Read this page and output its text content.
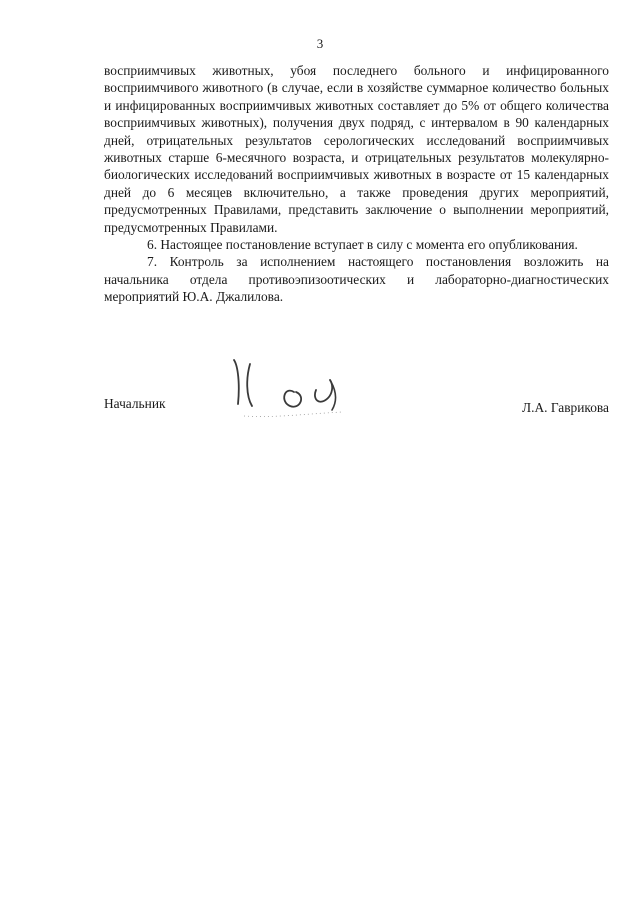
3

восприимчивых животных, убоя последнего больного и инфицированного восприимчивого животного (в случае, если в хозяйстве суммарное количество больных и инфицированных восприимчивых животных составляет до 5% от общего количества восприимчивых животных), получения двух подряд, с интервалом в 90 календарных дней, отрицательных результатов серологических исследований восприимчивых животных старше 6-месячного возраста, и отрицательных результатов молекулярно-биологических исследований восприимчивых животных в возрасте от 15 календарных дней до 6 месяцев включительно, а также проведения других мероприятий, предусмотренных Правилами, представить заключение о выполнении мероприятий, предусмотренных Правилами.

6. Настоящее постановление вступает в силу с момента его опубликования.

7. Контроль за исполнением настоящего постановления возложить на начальника отдела противоэпизоотических и лабораторно-диагностических мероприятий Ю.А. Джалилова.

Начальник	Л.А. Гаврикова
